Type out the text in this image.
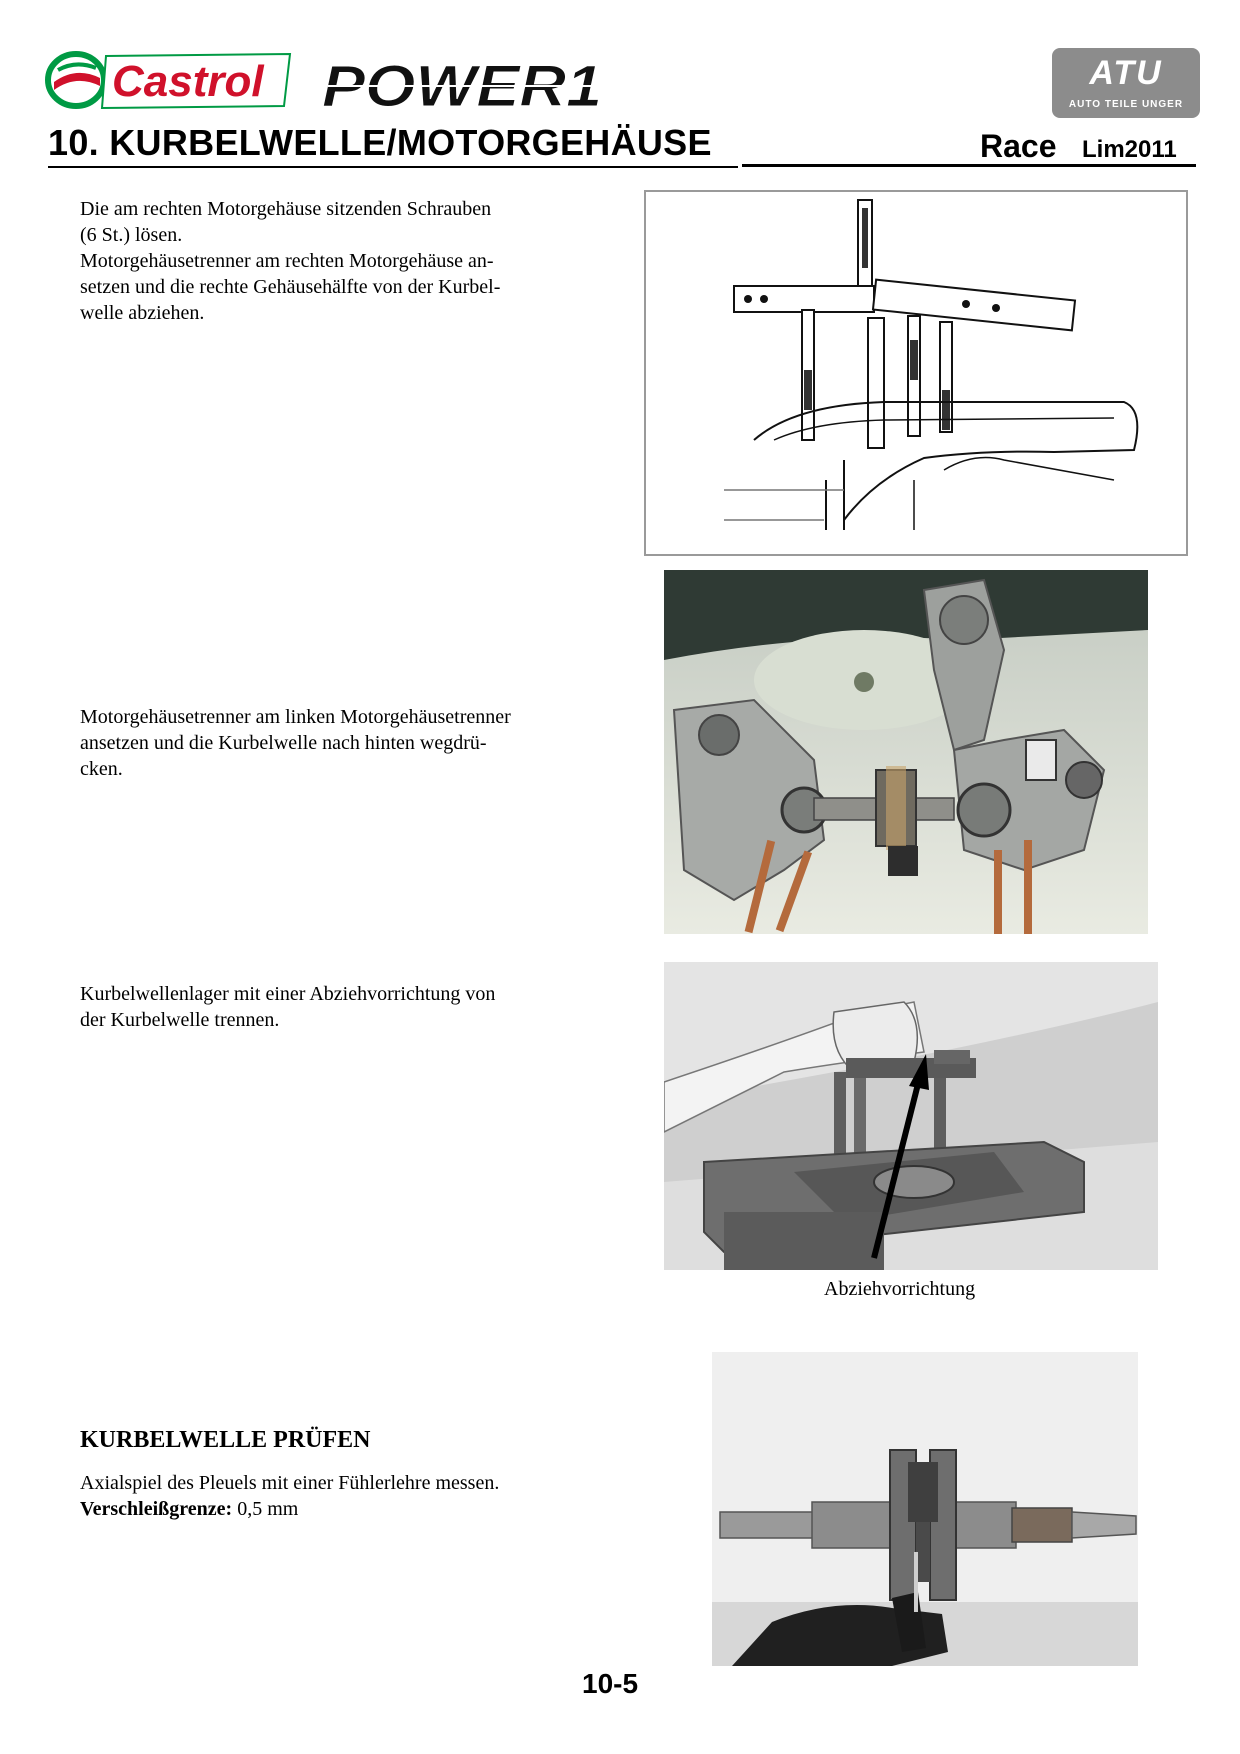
Castrol POWER1	ATU
AUTO TEILE UNGER
10. KURBELWELLE/MOTORGEHÄUSE	Race Lim2011
Die am rechten Motorgehäuse sitzenden Schrauben
(6 St.) lösen.
Motorgehäusetrenner am rechten Motorgehäuse an-
setzen und die rechte Gehäusehälfte von der Kurbel-
welle abziehen.
Motorgehäusetrenner am linken Motorgehäusetrenner
ansetzen und die Kurbelwelle nach hinten wegdrü-
cken.
Kurbelwellenlager mit einer Abziehvorrichtung von
der Kurbelwelle trennen.
Abziehvorrichtung
KURBELWELLE PRÜFEN
Axialspiel des Pleuels mit einer Fühlerlehre messen.
Verschleißgrenze: 0,5 mm
10-5
